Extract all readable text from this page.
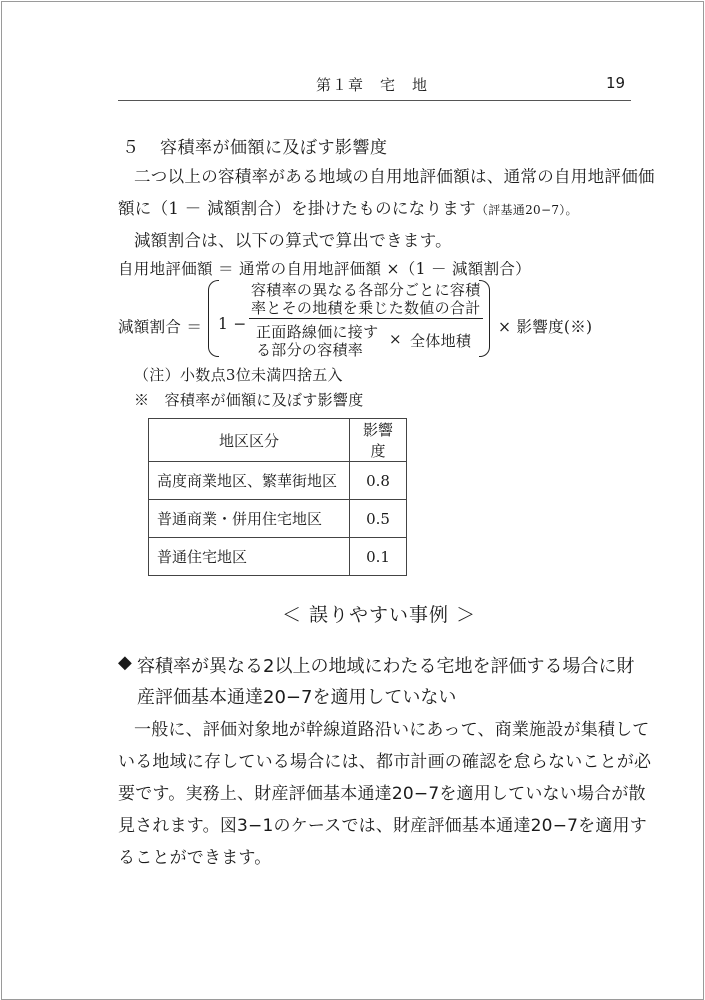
第１章　宅　地	19
５ 容積率が価額に及ぼす影響度
二つ以上の容積率がある地域の自用地評価額は、通常の自用地評価価
額に（1 － 減額割合）を掛けたものになります（評基通20−7）。
減額割合は、以下の算式で算出できます。
自用地評価額 ＝ 通常の自用地評価額 ×（1 － 減額割合）
減額割合 ＝ 1 −
容積率の異なる各部分ごとに容積
率とその地積を乗じた数値の合計
正面路線価に接す
る部分の容積率
× 全体地積
× 影響度(※)
（注） 小数点3位未満四捨五入
※　容積率が価額に及ぼす影響度
地区区分	影響度
高度商業地区、繁華街地区	0.8
普通商業・併用住宅地区	0.5
普通住宅地区	0.1
＜ 誤りやすい事例 ＞
◆ 容積率が異なる2以上の地域にわたる宅地を評価する場合に財
産評価基本通達20−7を適用していない
一般に、評価対象地が幹線道路沿いにあって、商業施設が集積して
いる地域に存している場合には、都市計画の確認を怠らないことが必
要です。実務上、財産評価基本通達20−7を適用していない場合が散
見されます。図3−1のケースでは、財産評価基本通達20−7を適用す
ることができます。
